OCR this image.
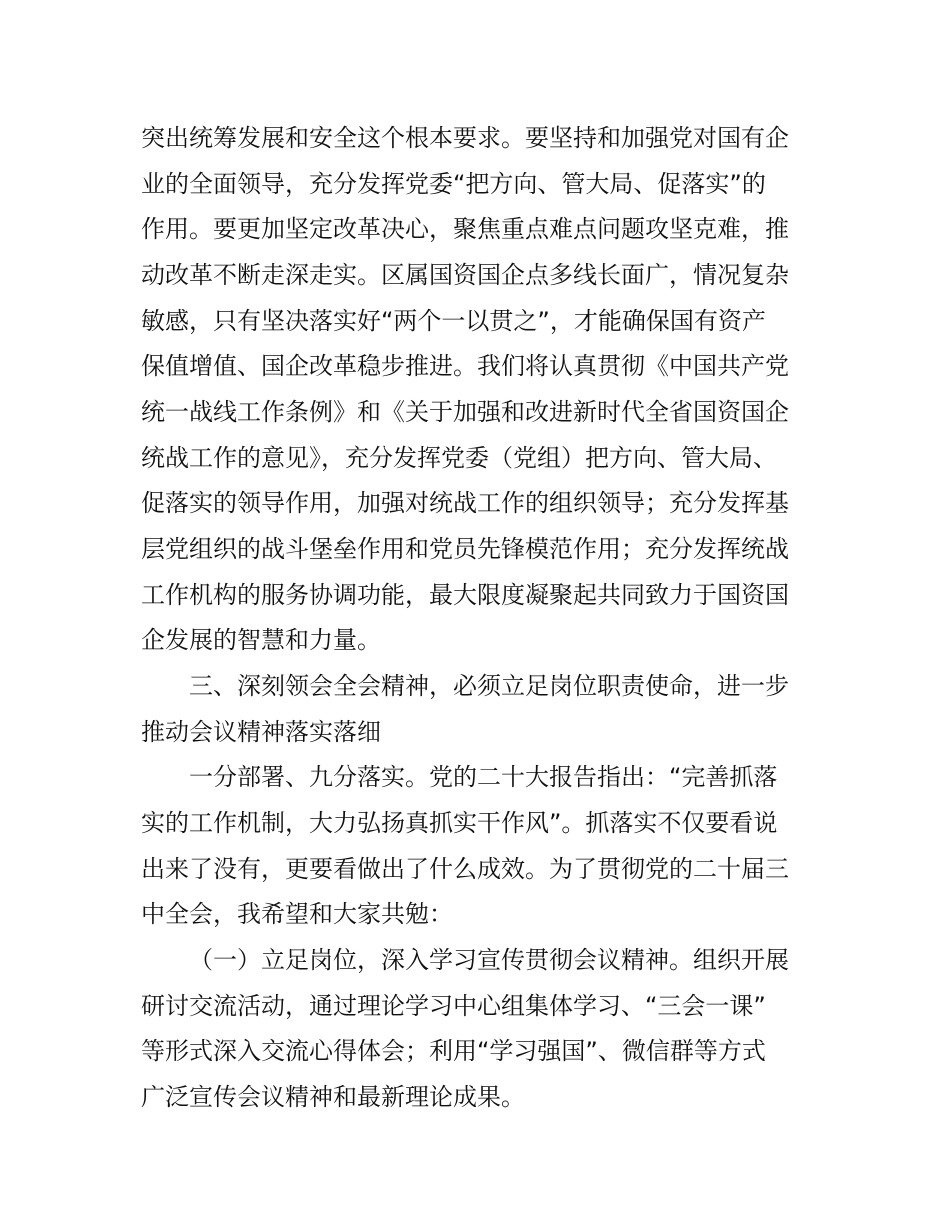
突出统筹发展和安全这个根本要求。要坚持和加强党对国有企
业的全面领导，充分发挥党委“把方向、管大局、促落实”的
作用。要更加坚定改革决心，聚焦重点难点问题攻坚克难，推
动改革不断走深走实。区属国资国企点多线长面广，情况复杂
敏感，只有坚决落实好“两个一以贯之”，才能确保国有资产
保值增值、国企改革稳步推进。我们将认真贯彻《中国共产党
统一战线工作条例》和《关于加强和改进新时代全省国资国企
统战工作的意见》，充分发挥党委（党组）把方向、管大局、
促落实的领导作用，加强对统战工作的组织领导；充分发挥基
层党组织的战斗堡垒作用和党员先锋模范作用；充分发挥统战
工作机构的服务协调功能，最大限度凝聚起共同致力于国资国
企发展的智慧和力量。
三、深刻领会全会精神，必须立足岗位职责使命，进一步
推动会议精神落实落细
一分部署、九分落实。党的二十大报告指出：“完善抓落
实的工作机制，大力弘扬真抓实干作风”。抓落实不仅要看说
出来了没有，更要看做出了什么成效。为了贯彻党的二十届三
中全会，我希望和大家共勉：
（一）立足岗位，深入学习宣传贯彻会议精神。组织开展
研讨交流活动，通过理论学习中心组集体学习、“三会一课”
等形式深入交流心得体会；利用“学习强国”、微信群等方式
广泛宣传会议精神和最新理论成果。
